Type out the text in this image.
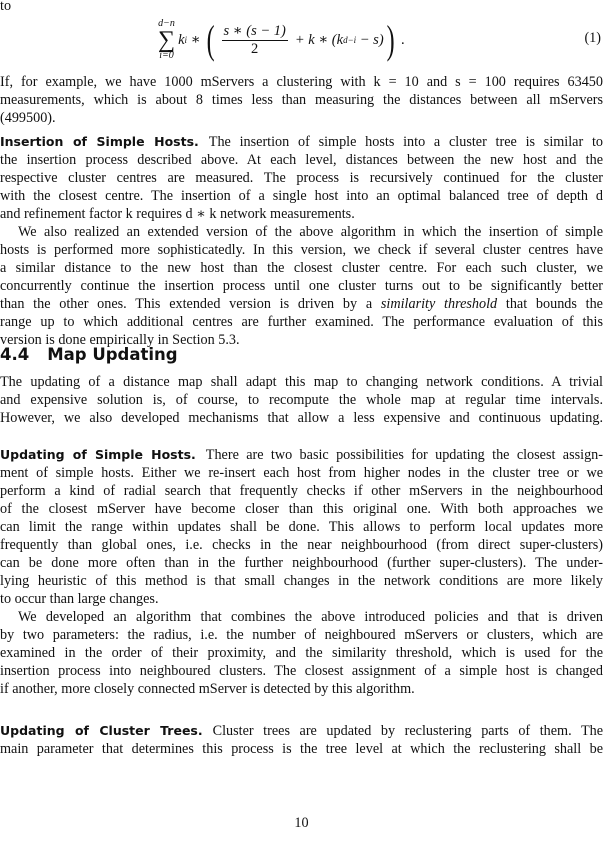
to
d−n
∑
i=0
k i ∗ ( $\frac{s ∗ (s - 1)}{2} + k$ ∗ (k d−i − s) ) .	(1)
If, for example, we have 1000 mServers a clustering with k = 10 and s = 100 requires 63450
measurements, which is about 8 times less than measuring the distances between all mServers
(499500).
Insertion of Simple Hosts. The insertion of simple hosts into a cluster tree is similar to
the insertion process described above. At each level, distances between the new host and the
respective cluster centres are measured. The process is recursively continued for the cluster
with the closest centre. The insertion of a single host into an optimal balanced tree of depth d
and refinement factor k requires d ∗ k network measurements.
We also realized an extended version of the above algorithm in which the insertion of simple
hosts is performed more sophisticatedly. In this version, we check if several cluster centres have
a similar distance to the new host than the closest cluster centre. For each such cluster, we
concurrently continue the insertion process until one cluster turns out to be significantly better
than the other ones. This extended version is driven by a similarity threshold that bounds the
range up to which additional centres are further examined. The performance evaluation of this
version is done empirically in Section 5.3.
4.4 Map Updating
The updating of a distance map shall adapt this map to changing network conditions. A trivial
and expensive solution is, of course, to recompute the whole map at regular time intervals.
However, we also developed mechanisms that allow a less expensive and continuous updating.
Updating of Simple Hosts. There are two basic possibilities for updating the closest assign-
ment of simple hosts. Either we re-insert each host from higher nodes in the cluster tree or we
perform a kind of radial search that frequently checks if other mServers in the neighbourhood
of the closest mServer have become closer than this original one. With both approaches we
can limit the range within updates shall be done. This allows to perform local updates more
frequently than global ones, i.e. checks in the near neighbourhood (from direct super-clusters)
can be done more often than in the further neighbourhood (further super-clusters). The under-
lying heuristic of this method is that small changes in the network conditions are more likely
to occur than large changes.
We developed an algorithm that combines the above introduced policies and that is driven
by two parameters: the radius, i.e. the number of neighboured mServers or clusters, which are
examined in the order of their proximity, and the similarity threshold, which is used for the
insertion process into neighboured clusters. The closest assignment of a simple host is changed
if another, more closely connected mServer is detected by this algorithm.
Updating of Cluster Trees. Cluster trees are updated by reclustering parts of them. The
main parameter that determines this process is the tree level at which the reclustering shall be
10
